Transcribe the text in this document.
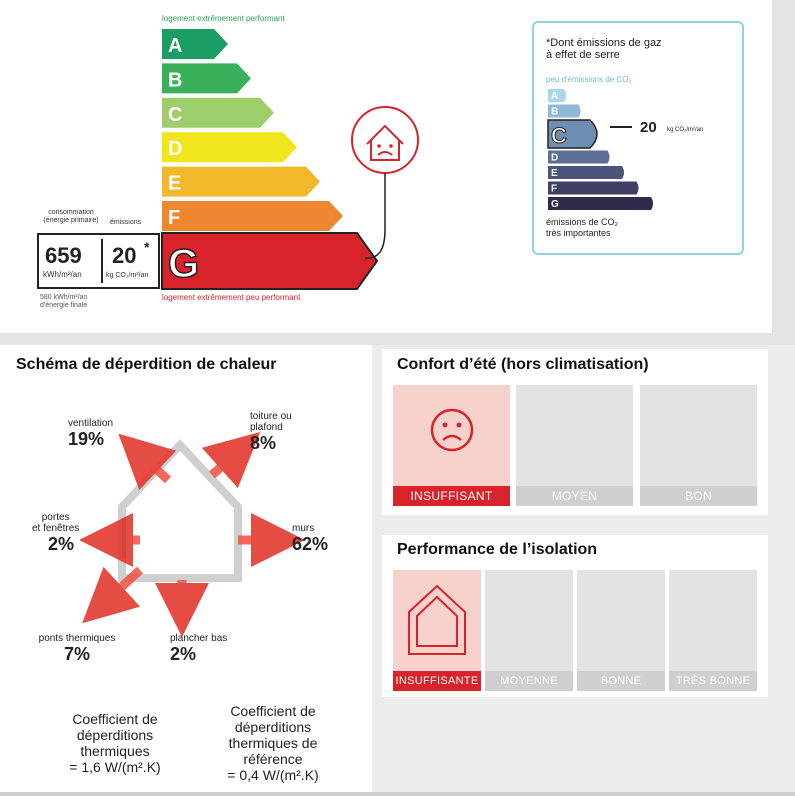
logement extrêmement performant
A
B
C
D
E
F
G
logement extrêmement peu performant
consommation
(énergie primaire)	émissions
659
kWh/m²/an
20 *
kg CO₂/m²/an
580 kWh/m²/an
d'énergie finale
*Dont émissions de gaz
à effet de serre
peu d'émissions de CO₂
A
B
C
D
E
F
G
20 kg CO₂/m²/an
émissions de CO₂
très importantes
Schéma de déperdition de chaleur
ventilation
19%
toiture ou
plafond
8%
portes
et fenêtres
2%
murs
62%
ponts thermiques
7%
plancher bas
2%
Coefficient de
déperditions
thermiques
= 1,6 W/(m².K)
Coefficient de
déperditions
thermiques de
référence
= 0,4 W/(m².K)
Confort d’été (hors climatisation)
INSUFFISANT	MOYEN	BON
Performance de l’isolation
INSUFFISANTE	MOYENNE	BONNE	TRÈS BONNE
